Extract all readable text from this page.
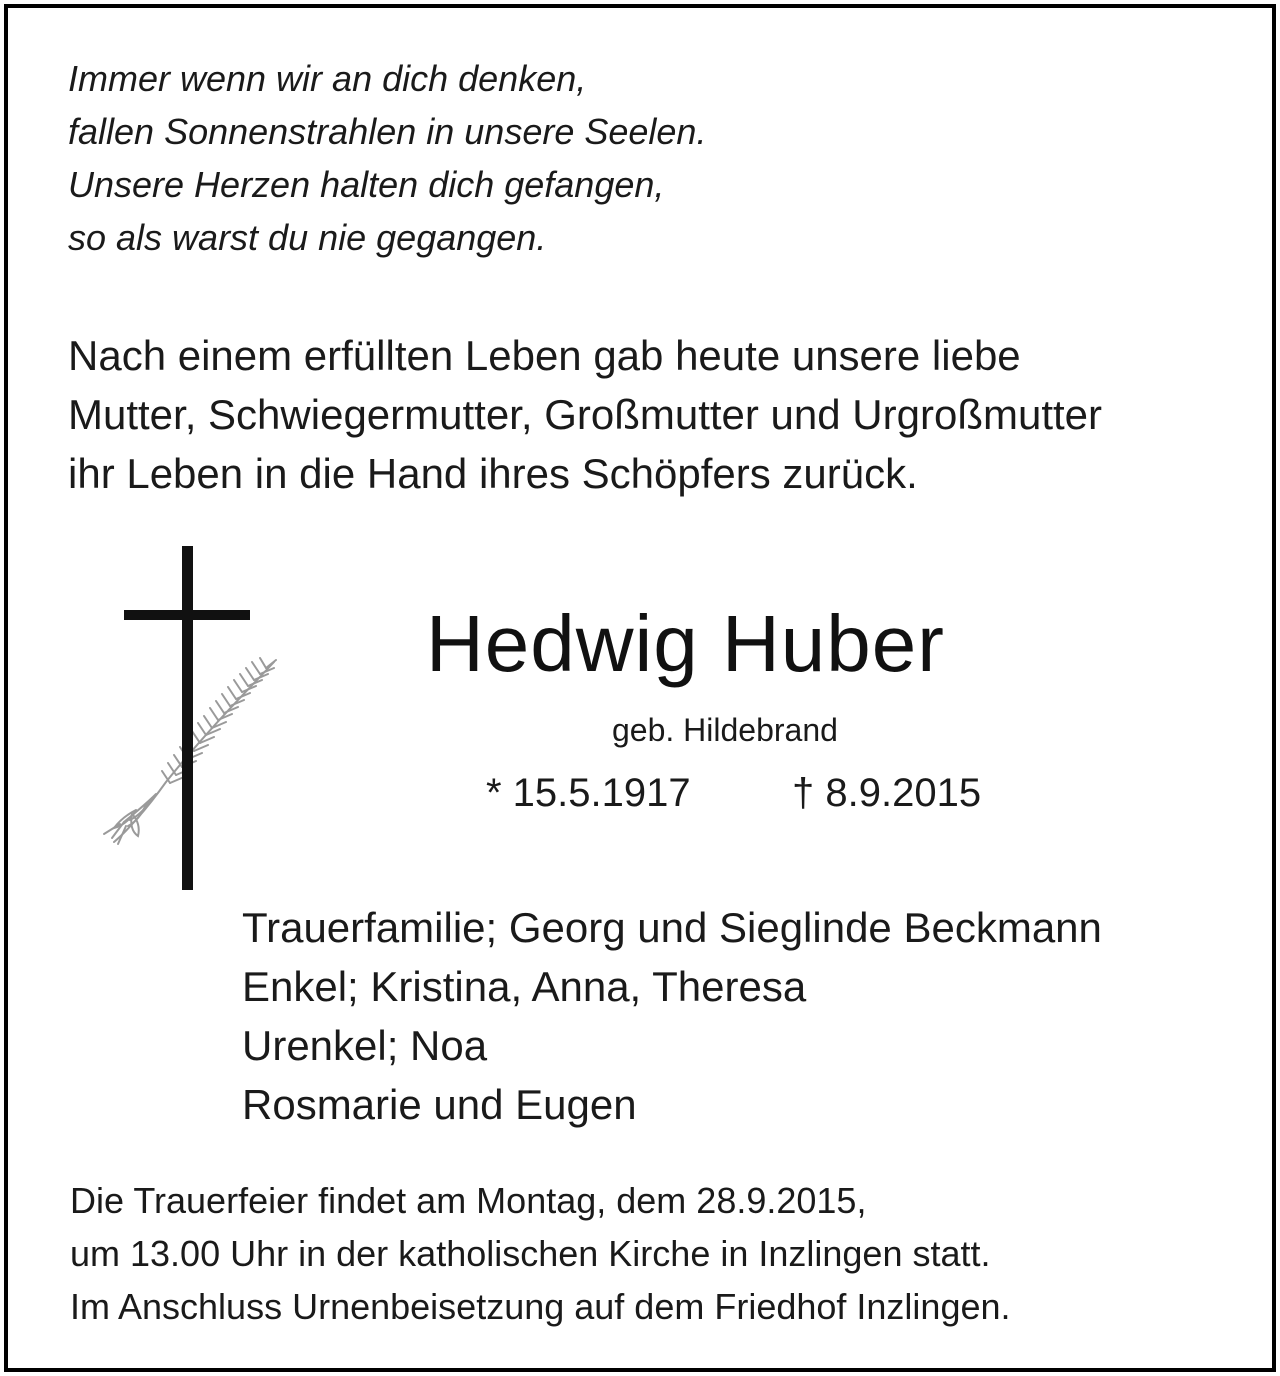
Immer wenn wir an dich denken,
fallen Sonnenstrahlen in unsere Seelen.
Unsere Herzen halten dich gefangen,
so als warst du nie gegangen.
Nach einem erfüllten Leben gab heute unsere liebe
Mutter, Schwiegermutter, Großmutter und Urgroßmutter
ihr Leben in die Hand ihres Schöpfers zurück.
Hedwig Huber
geb. Hildebrand
* 15.5.1917	† 8.9.2015
Trauerfamilie; Georg und Sieglinde Beckmann
Enkel; Kristina, Anna, Theresa
Urenkel; Noa
Rosmarie und Eugen
Die Trauerfeier findet am Montag, dem 28.9.2015,
um 13.00 Uhr in der katholischen Kirche in Inzlingen statt.
Im Anschluss Urnenbeisetzung auf dem Friedhof Inzlingen.
